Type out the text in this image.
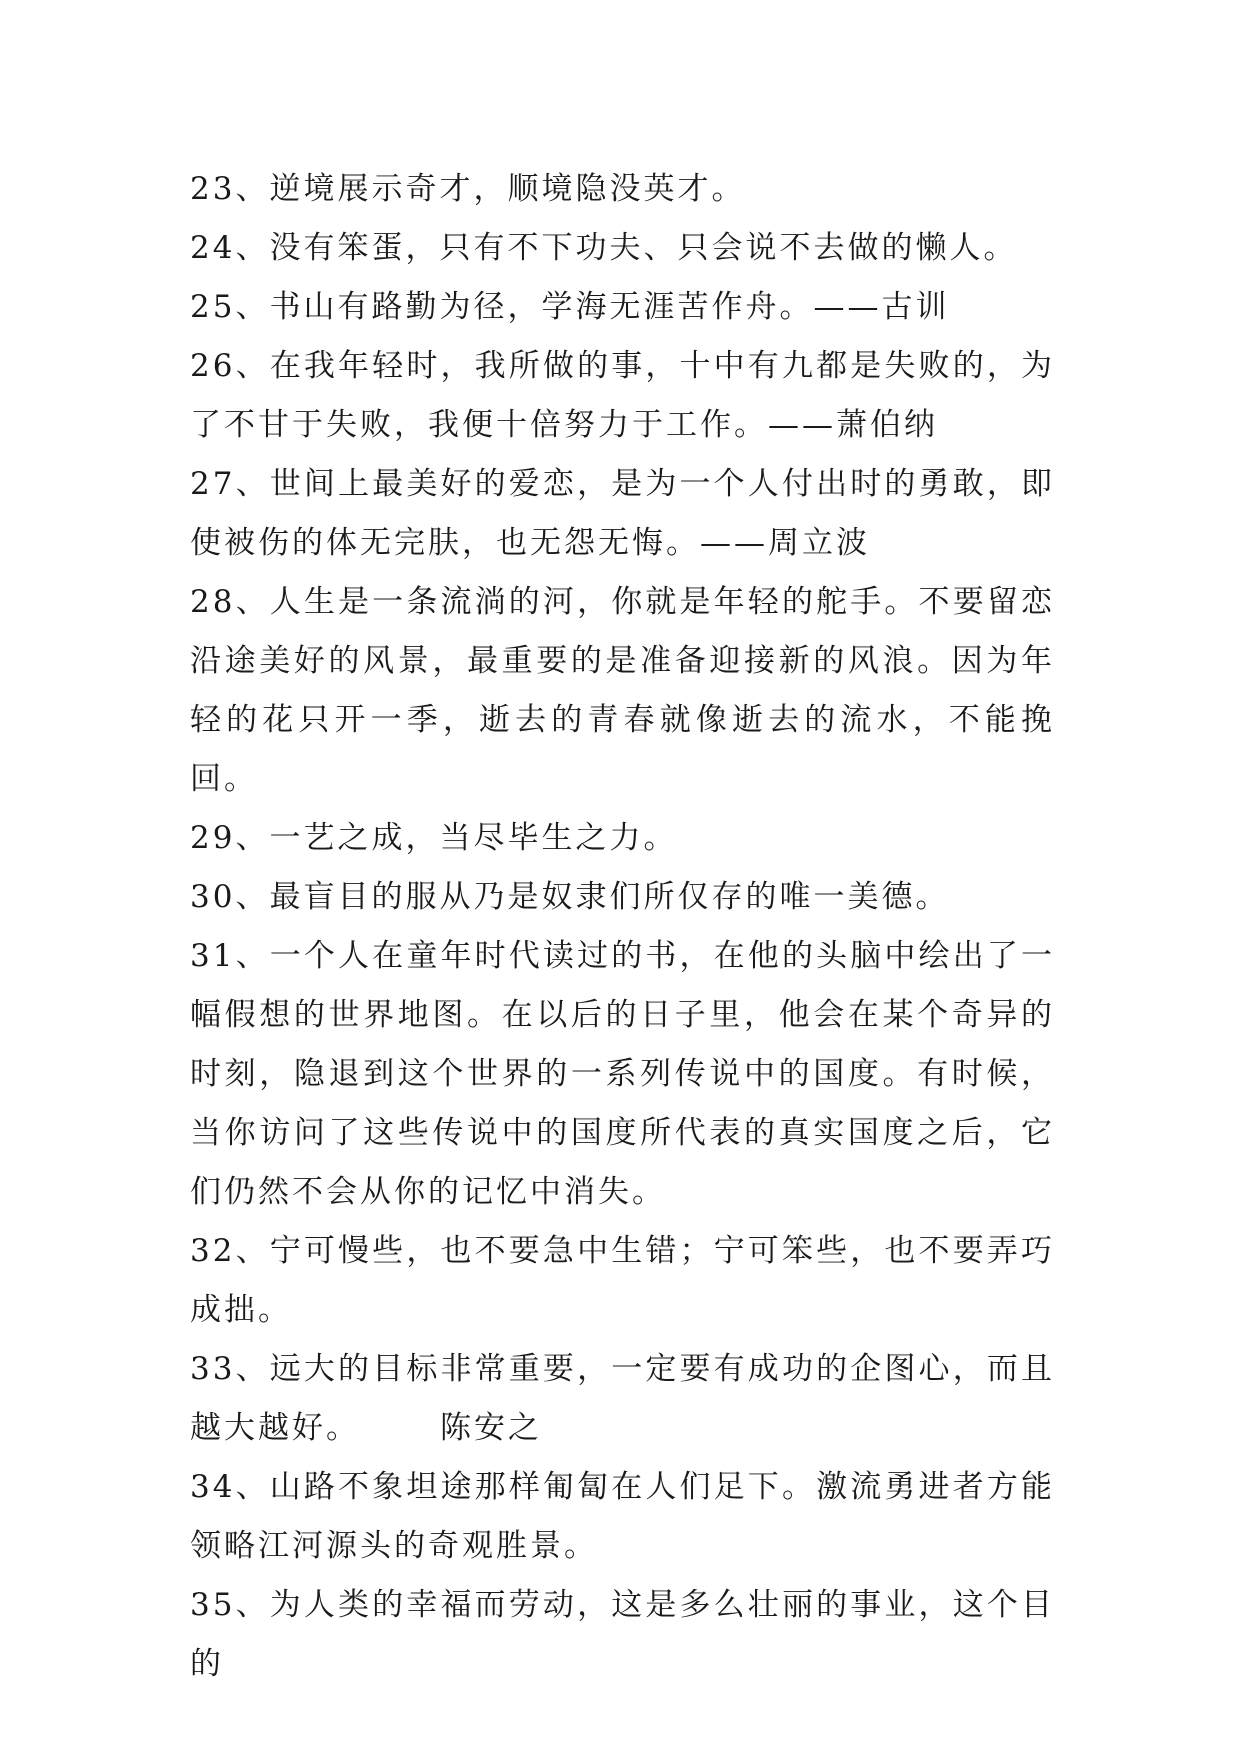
23、逆境展示奇才，顺境隐没英才。

24、没有笨蛋，只有不下功夫、只会说不去做的懒人。

25、书山有路勤为径，学海无涯苦作舟。——古训

26、在我年轻时，我所做的事，十中有九都是失败的，为了不甘于失败，我便十倍努力于工作。——萧伯纳

27、世间上最美好的爱恋，是为一个人付出时的勇敢，即使被伤的体无完肤，也无怨无悔。——周立波

28、人生是一条流淌的河，你就是年轻的舵手。不要留恋沿途美好的风景，最重要的是准备迎接新的风浪。因为年轻的花只开一季，逝去的青春就像逝去的流水，不能挽回。

29、一艺之成，当尽毕生之力。

30、最盲目的服从乃是奴隶们所仅存的唯一美德。

31、一个人在童年时代读过的书，在他的头脑中绘出了一幅假想的世界地图。在以后的日子里，他会在某个奇异的时刻，隐退到这个世界的一系列传说中的国度。有时候，当你访问了这些传说中的国度所代表的真实国度之后，它们仍然不会从你的记忆中消失。

32、宁可慢些，也不要急中生错；宁可笨些，也不要弄巧成拙。

33、远大的目标非常重要，一定要有成功的企图心，而且越大越好。	陈安之

34、山路不象坦途那样匍匐在人们足下。激流勇进者方能领略江河源头的奇观胜景。

35、为人类的幸福而劳动，这是多么壮丽的事业，这个目的
